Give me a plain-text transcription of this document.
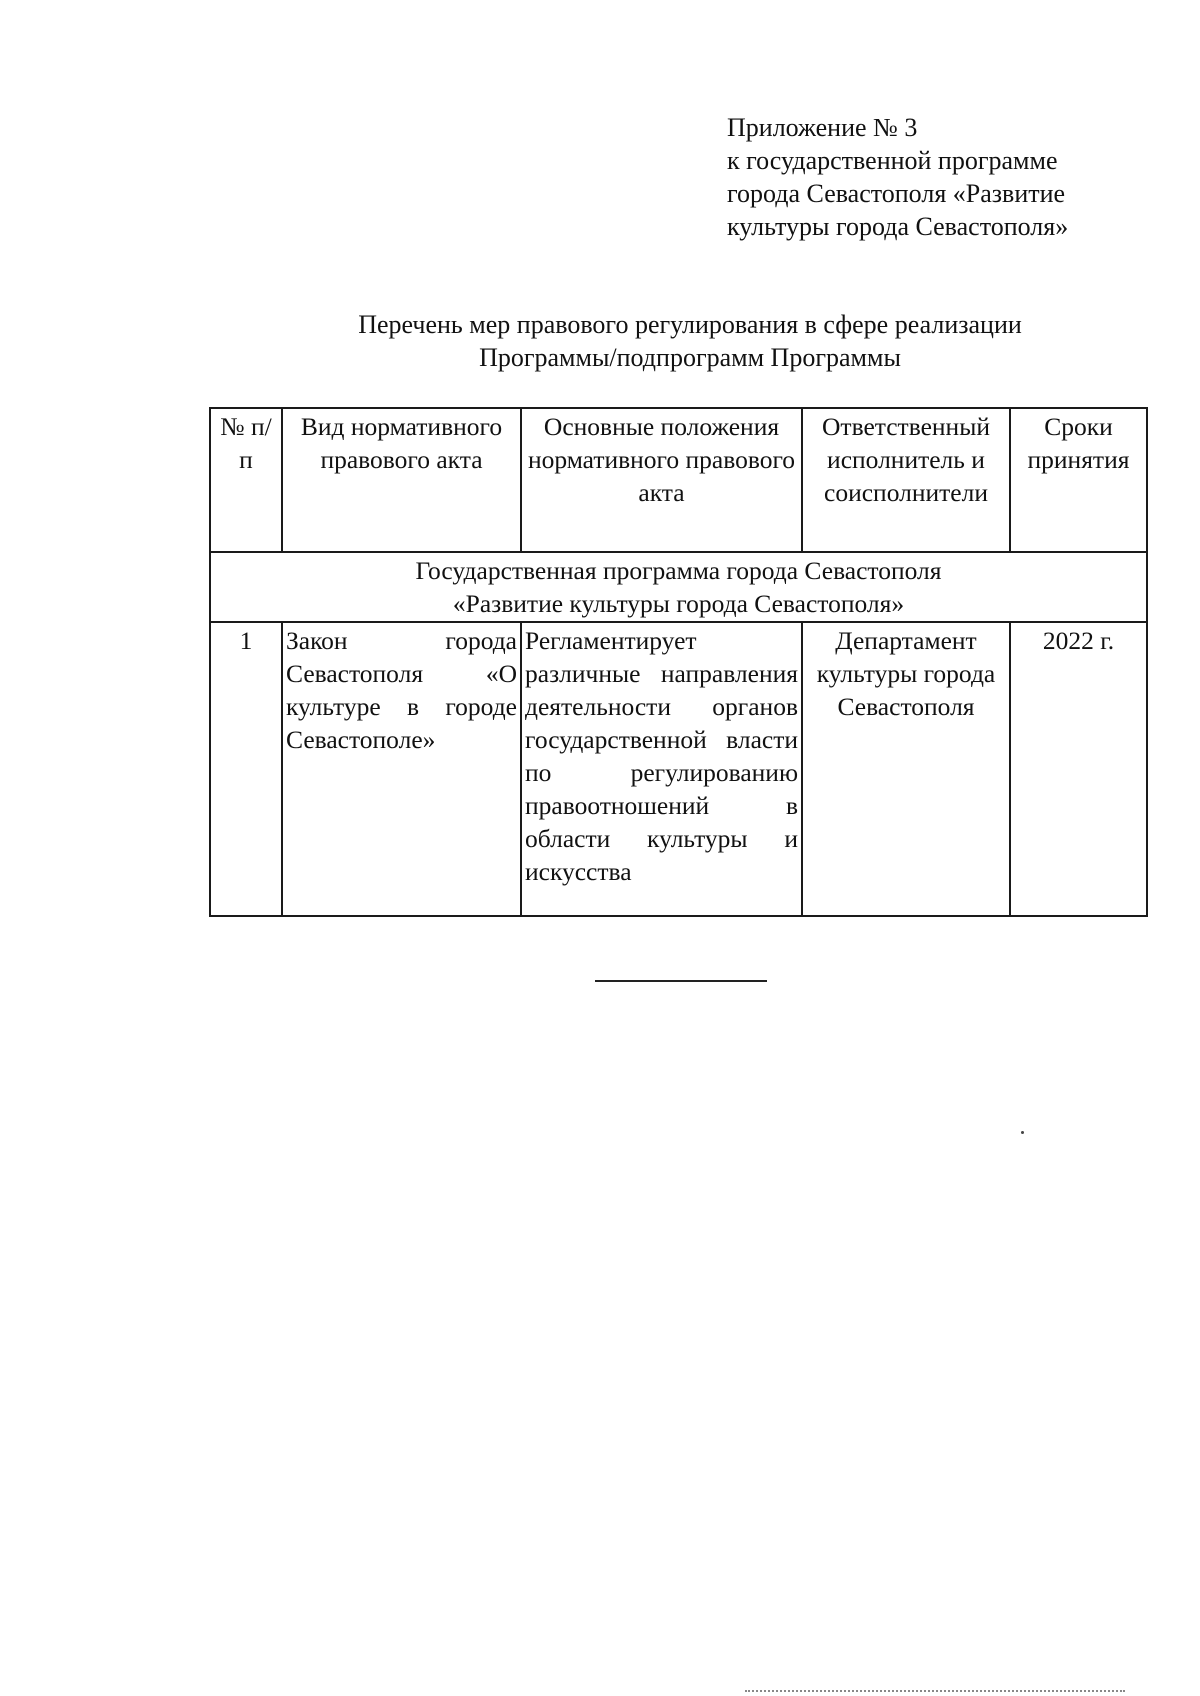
Приложение № 3
к государственной программе
города Севастополя «Развитие
культуры города Севастополя»
Перечень мер правового регулирования в сфере реализации
Программы/подпрограмм Программы
№ п/п	Вид нормативного правового акта	Основные положения нормативного правового акта	Ответственный исполнитель и соисполнители	Сроки принятия

Государственная программа города Севастополя
«Развитие культуры города Севастополя»				

1	Закон города Севастополя «О культуре в городе Севастополе»	Регламентирует различные направления деятельности органов государственной власти по регулированию правоотношений в области культуры и искусства	Департамент культуры города Севастополя	2022 г.
